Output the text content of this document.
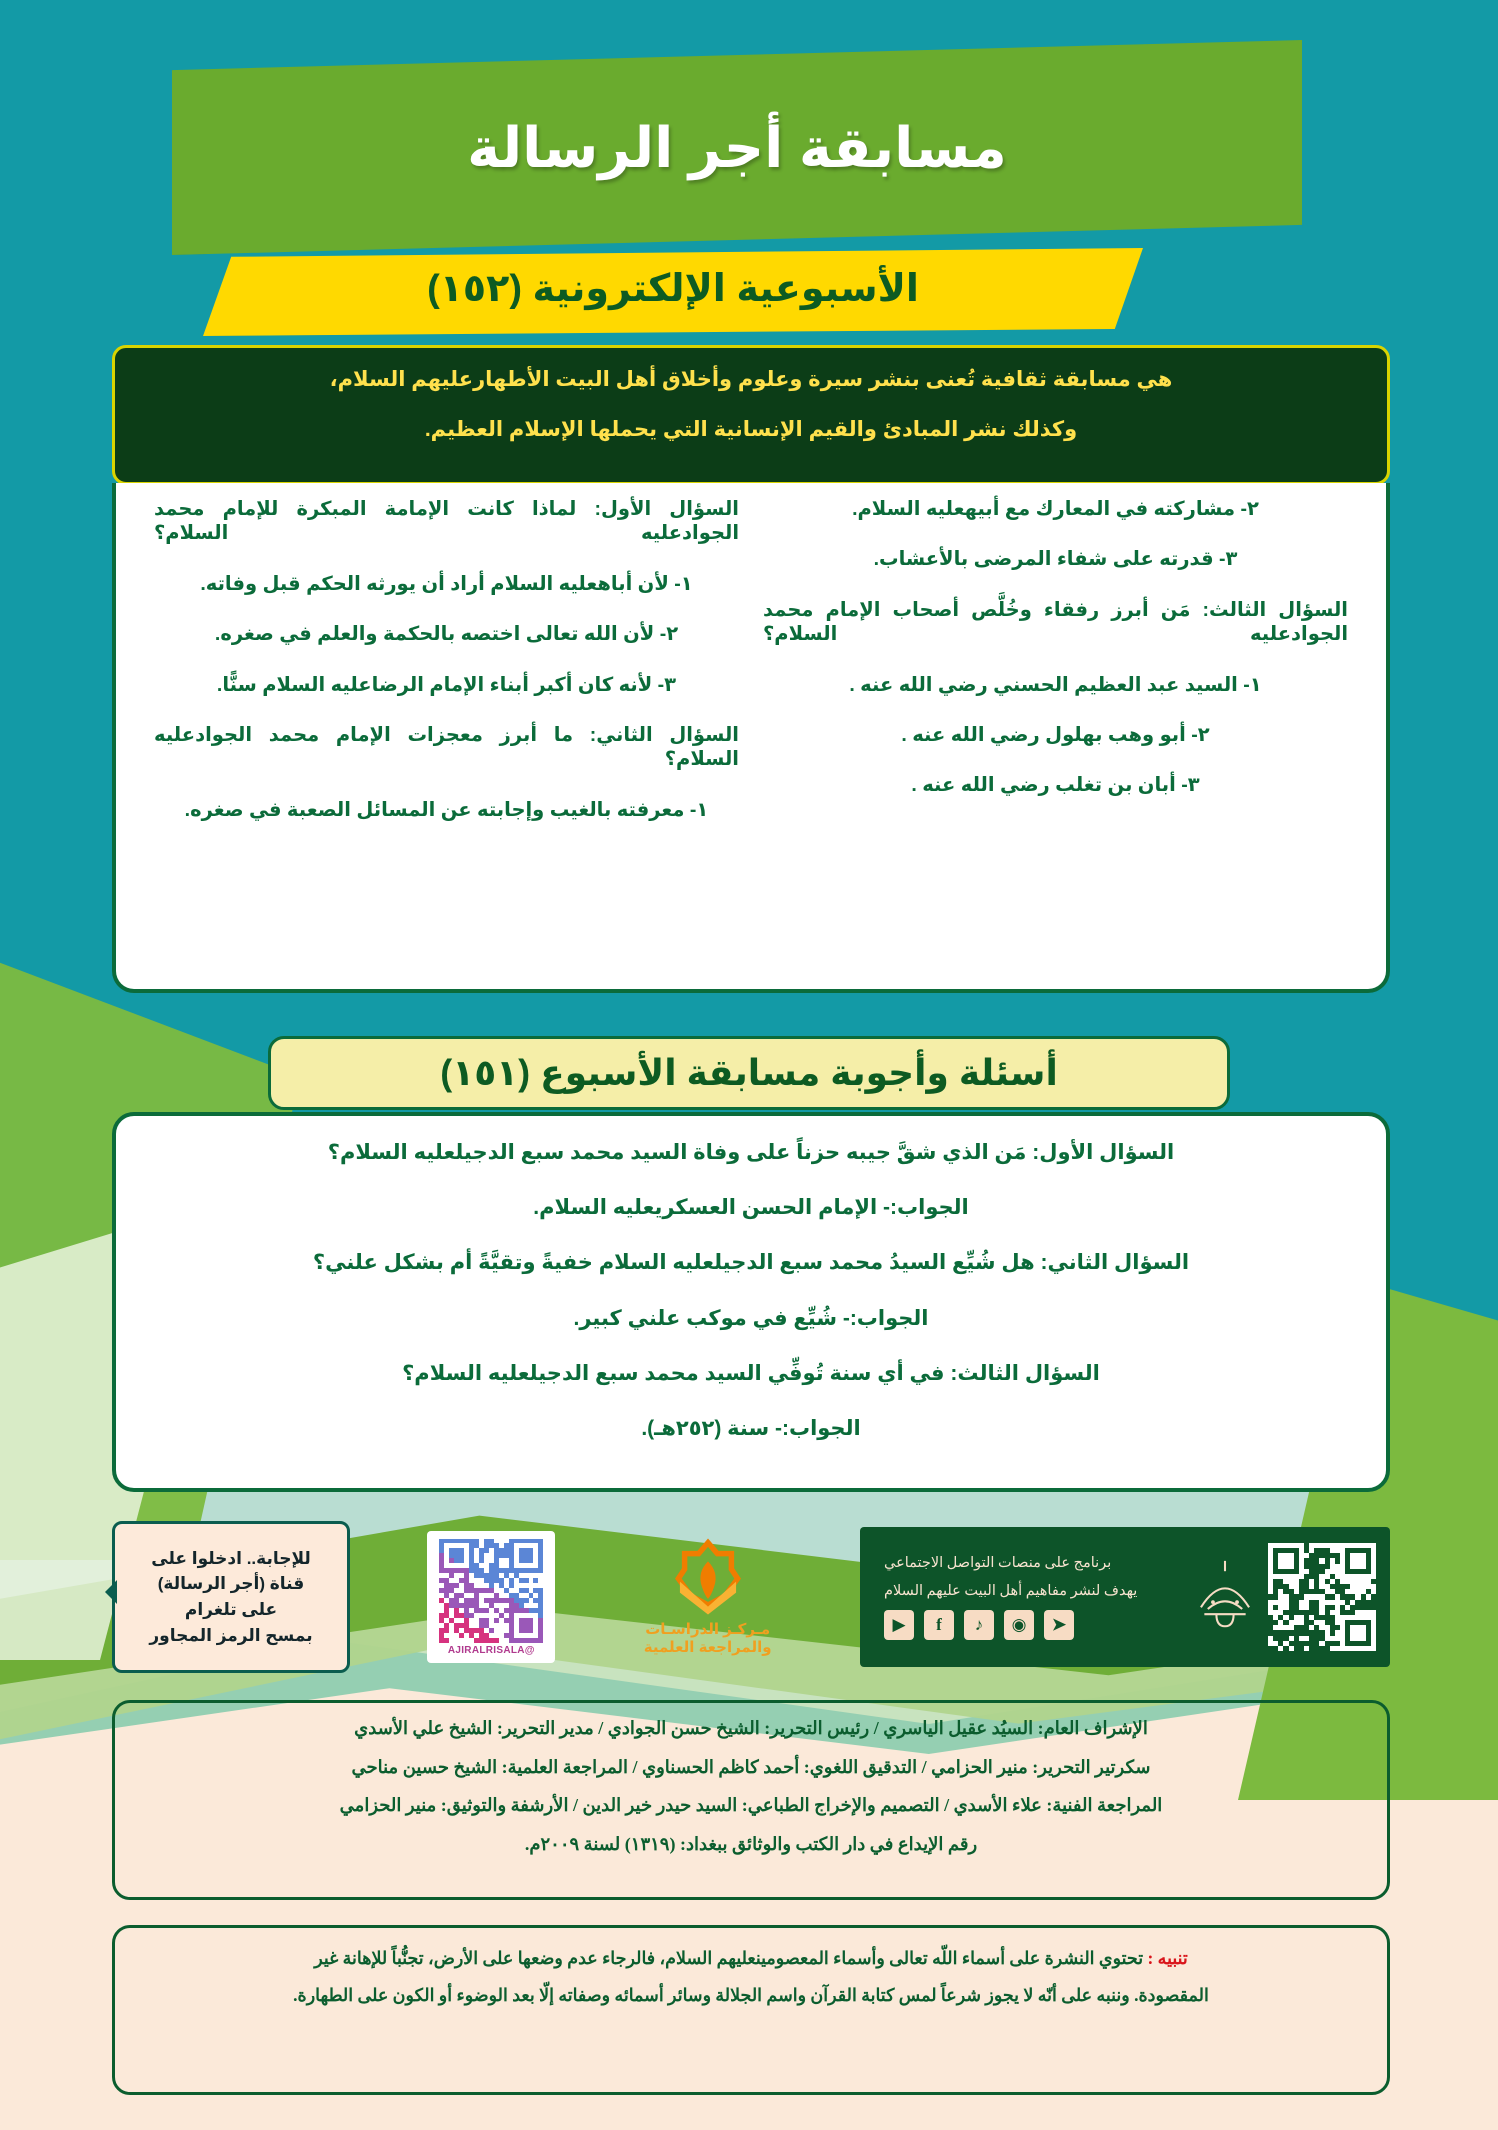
مسابقة أجر الرسالة
الأسبوعية الإلكترونية (١٥٢)
هي مسابقة ثقافية تُعنى بنشر سيرة وعلوم وأخلاق أهل البيت الأطهارعليهم السلام،
وكذلك نشر المبادئ والقيم الإنسانية التي يحملها الإسلام العظيم.
٢- مشاركته في المعارك مع أبيهعليه السلام.
٣- قدرته على شفاء المرضى بالأعشاب.
السؤال الثالث: مَن أبرز رفقاء وخُلَّص أصحاب الإمام محمد الجوادعليه السلام؟
١- السيد عبد العظيم الحسني رضي الله عنه .
٢- أبو وهب بهلول رضي الله عنه .
٣- أبان بن تغلب رضي الله عنه .
السؤال الأول: لماذا كانت الإمامة المبكرة للإمام محمد الجوادعليه السلام؟
١- لأن أباهعليه السلام أراد أن يورثه الحكم قبل وفاته.
٢- لأن الله تعالى اختصه بالحكمة والعلم في صغره.
٣- لأنه كان أكبر أبناء الإمام الرضاعليه السلام سنًّا.
السؤال الثاني: ما أبرز معجزات الإمام محمد الجوادعليه السلام؟
١- معرفته بالغيب وإجابته عن المسائل الصعبة في صغره.
أسئلة وأجوبة مسابقة الأسبوع (١٥١)
السؤال الأول: مَن الذي شقَّ جيبه حزناً على وفاة السيد محمد سبع الدجيلعليه السلام؟
الجواب:- الإمام الحسن العسكريعليه السلام.
السؤال الثاني: هل شُيِّع السيدُ محمد سبع الدجيلعليه السلام خفيةً وتقيَّةً أم بشكل علني؟
الجواب:- شُيِّع في موكب علني كبير.
السؤال الثالث: في أي سنة تُوفِّي السيد محمد سبع الدجيلعليه السلام؟
الجواب:- سنة (٢٥٢هـ).
برنامج على منصات التواصل الاجتماعي
يهدف لنشر مفاهيم أهل البيت عليهم السلام
➤
◉
♪
f
▶
مـركـز الدراسـات
والمراجعة العلمية
@AJIRALRISALA
للإجابة.. ادخلوا على
قناة (أجر الرسالة)
على تلغرام
بمسح الرمز المجاور
الإشراف العام: السيُد عقيل الياسري / رئيس التحرير: الشيخ حسن الجوادي / مدير التحرير: الشيخ علي الأسدي
سكرتير التحرير: منير الحزامي / التدقيق اللغوي: أحمد كاظم الحسناوي / المراجعة العلمية: الشيخ حسين مناحي
المراجعة الفنية: علاء الأسدي / التصميم والإخراج الطباعي: السيد حيدر خير الدين / الأرشفة والتوثيق: منير الحزامي
رقم الإيداع في دار الكتب والوثائق ببغداد: (١٣١٩) لسنة ٢٠٠٩م.

تنبيه : تحتوي النشرة على أسماء اللّه تعالى وأسماء المعصومينعليهم السلام، فالرجاء عدم وضعها على الأرض، تجنُّباً للإهانة غير

المقصودة. وننبه على أنّه لا يجوز شرعاً لمس كتابة القرآن واسم الجلالة وسائر أسمائه وصفاته إلّا بعد الوضوء أو الكون على الطهارة.
